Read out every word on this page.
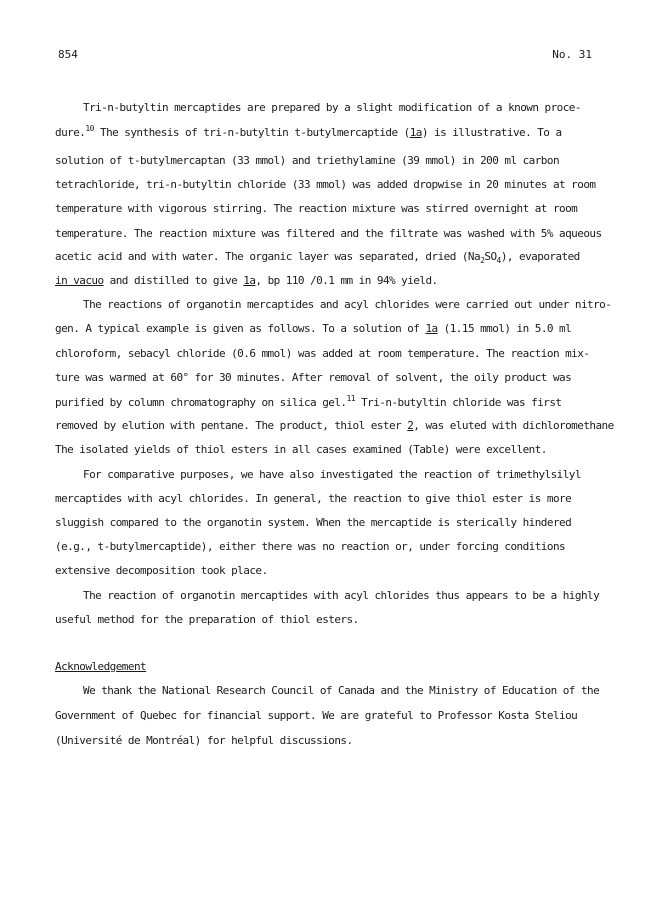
854	No. 31
Tri-n-butyltin mercaptides are prepared by a slight modification of a known proce-
dure.$^{10}$ The synthesis of tri-n-butyltin t-butylmercaptide (1a) is illustrative. To a
solution of t-butylmercaptan (33 mmol) and triethylamine (39 mmol) in 200 ml carbon
tetrachloride, tri-n-butyltin chloride (33 mmol) was added dropwise in 20 minutes at room
temperature with vigorous stirring. The reaction mixture was stirred overnight at room
temperature. The reaction mixture was filtered and the filtrate was washed with 5% aqueous
acetic acid and with water. The organic layer was separated, dried $(Na_2SO_4)$, evaporated
in vacuo and distilled to give 1a, bp 110 /0.1 mm in 94% yield.
The reactions of organotin mercaptides and acyl chlorides were carried out under nitro-
gen. A typical example is given as follows. To a solution of 1a (1.15 mmol) in 5.0 ml
chloroform, sebacyl chloride (0.6 mmol) was added at room temperature. The reaction mix-
ture was warmed at 60° for 30 minutes. After removal of solvent, the oily product was
purified by column chromatography on silica gel.$^{11}$ Tri-n-butyltin chloride was first
removed by elution with pentane. The product, thiol ester 2, was eluted with dichloromethane
The isolated yields of thiol esters in all cases examined (Table) were excellent.
For comparative purposes, we have also investigated the reaction of trimethylsilyl
mercaptides with acyl chlorides. In general, the reaction to give thiol ester is more
sluggish compared to the organotin system. When the mercaptide is sterically hindered
(e.g., t-butylmercaptide), either there was no reaction or, under forcing conditions
extensive decomposition took place.
The reaction of organotin mercaptides with acyl chlorides thus appears to be a highly
useful method for the preparation of thiol esters.
Acknowledgement
We thank the National Research Council of Canada and the Ministry of Education of the
Government of Quebec for financial support. We are grateful to Professor Kosta Steliou
(Université de Montréal) for helpful discussions.
